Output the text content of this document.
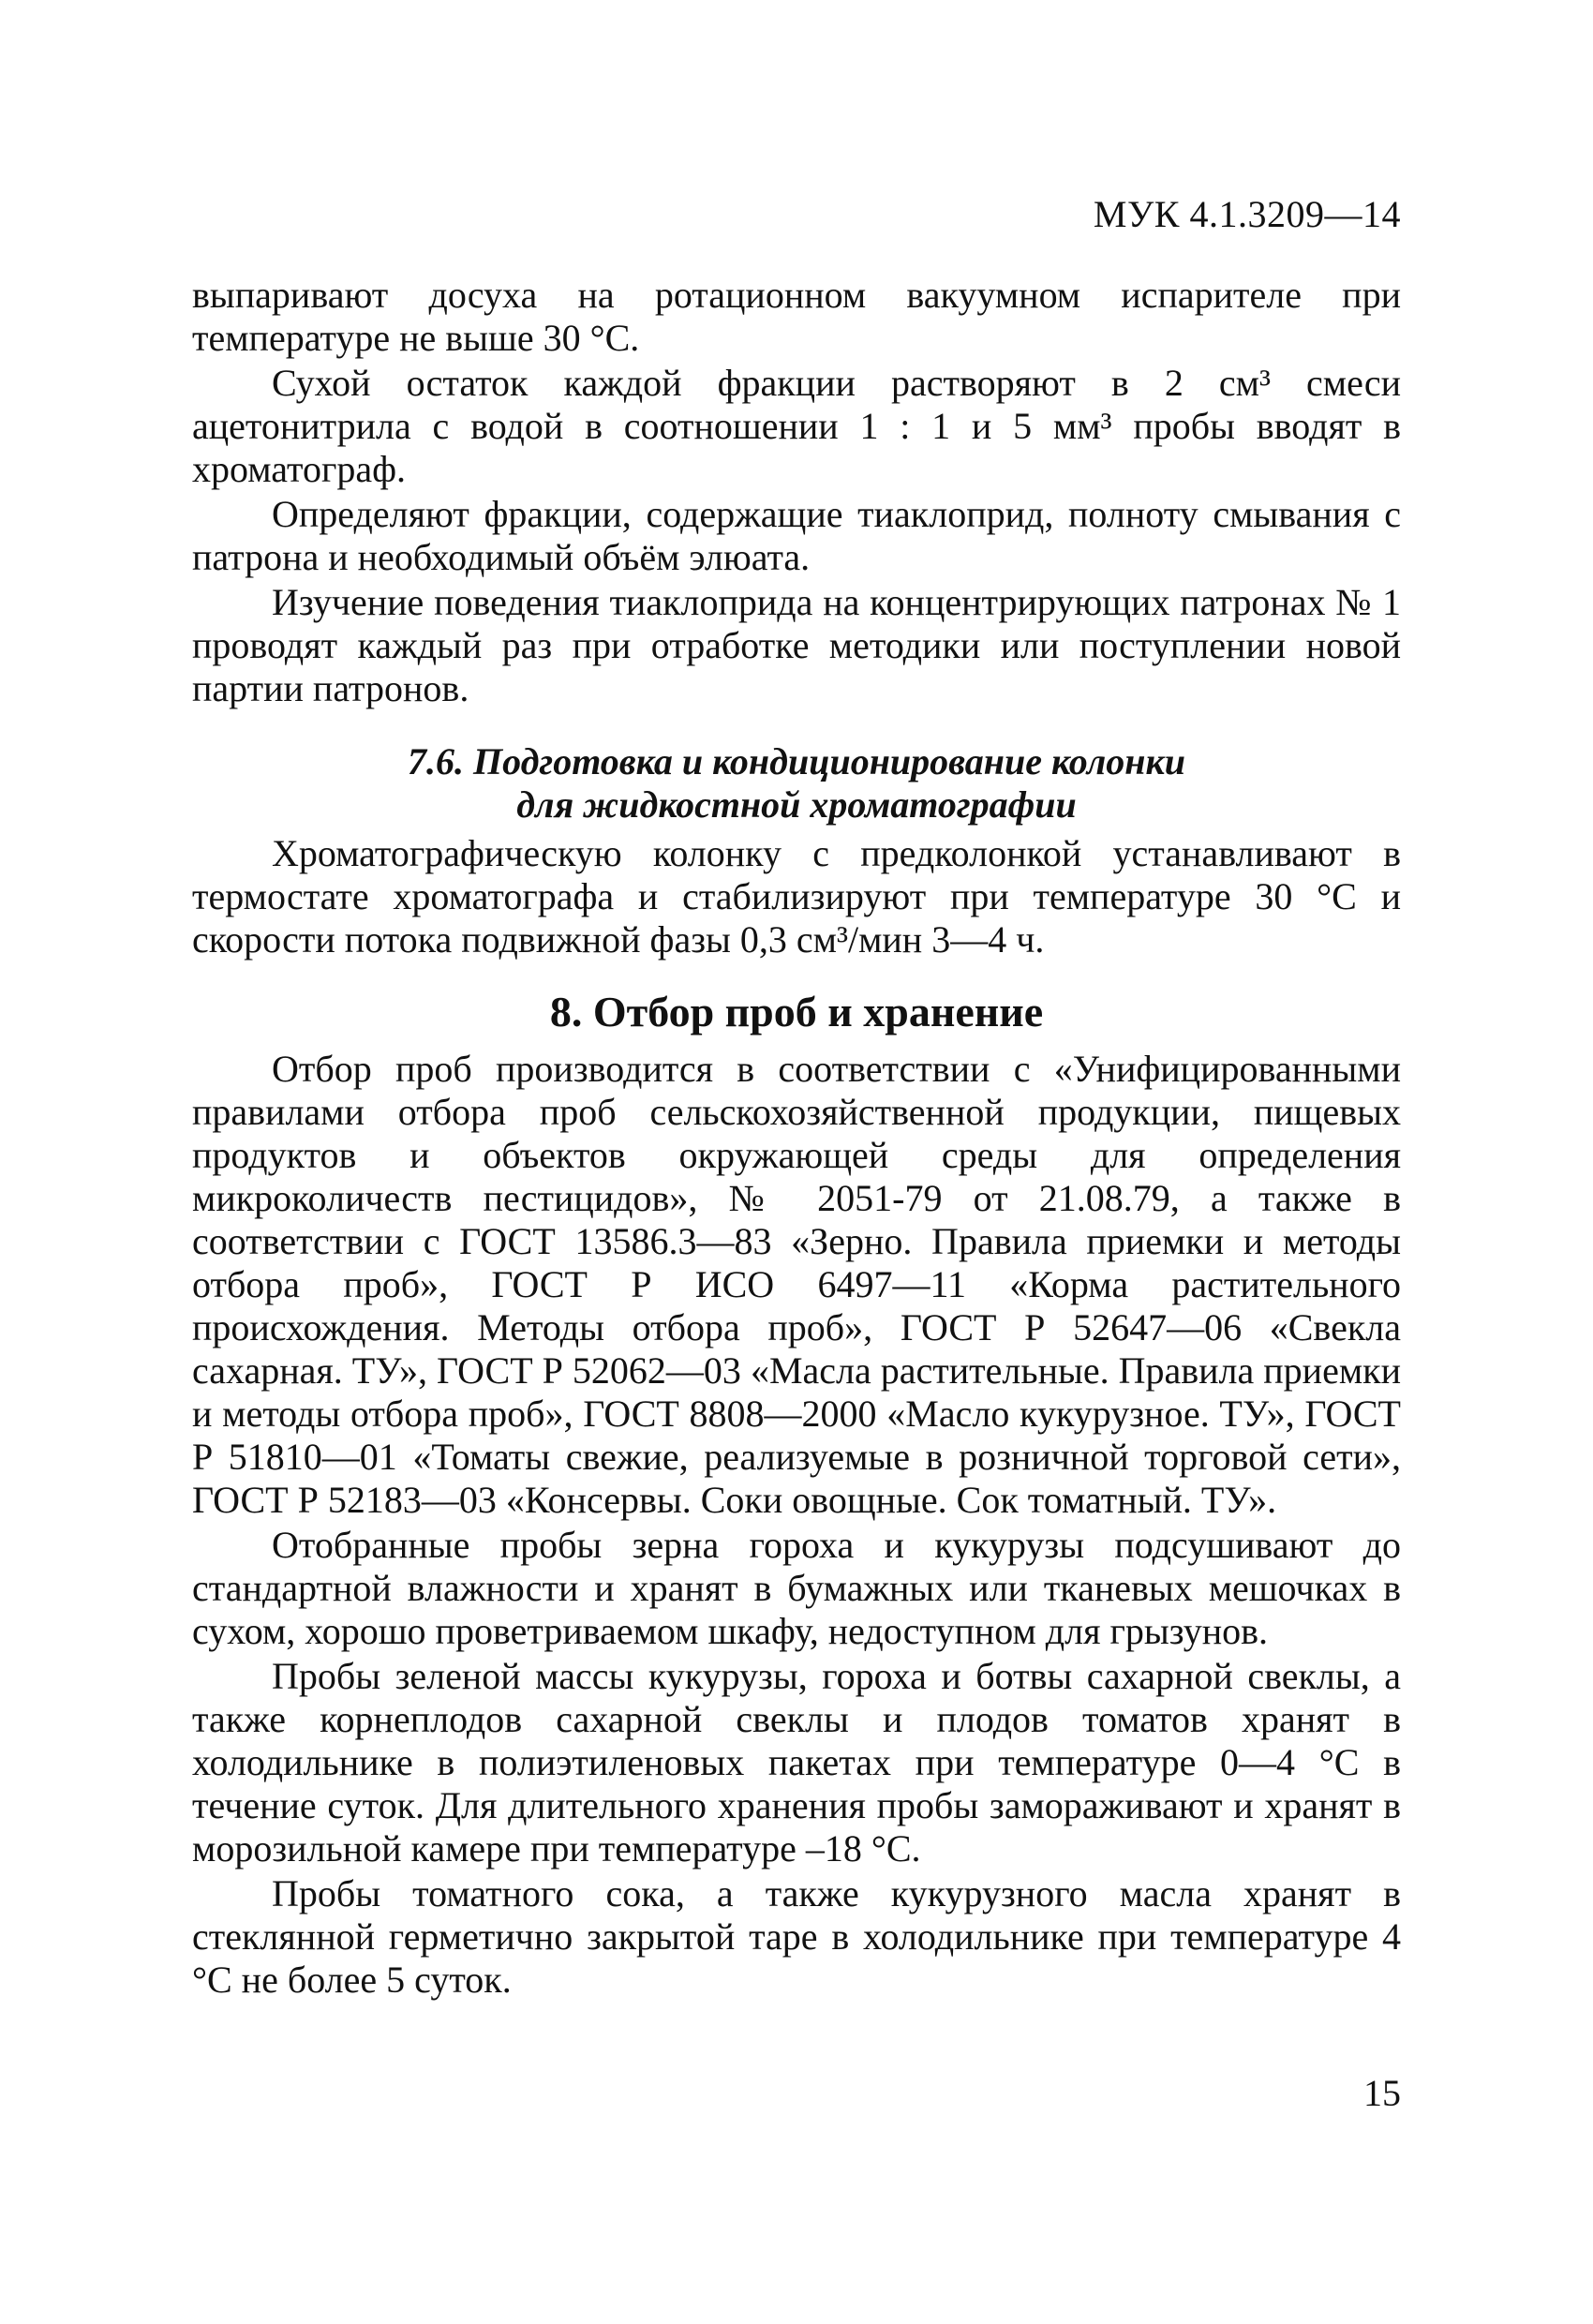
МУК 4.1.3209—14

выпаривают досуха на ротационном вакуумном испарителе при температуре не выше 30 °С.

Сухой остаток каждой фракции растворяют в 2 см³ смеси ацетонитрила с водой в соотношении 1 : 1 и 5 мм³ пробы вводят в хроматограф.

Определяют фракции, содержащие тиаклоприд, полноту смывания с патрона и необходимый объём элюата.

Изучение поведения тиаклоприда на концентрирующих патронах № 1 проводят каждый раз при отработке методики или поступлении новой партии патронов.

7.6. Подготовка и кондиционирование колонки
для жидкостной хроматографии

Хроматографическую колонку с предколонкой устанавливают в термостате хроматографа и стабилизируют при температуре 30 °С и скорости потока подвижной фазы 0,3 см³/мин 3—4 ч.

8. Отбор проб и хранение

Отбор проб производится в соответствии с «Унифицированными правилами отбора проб сельскохозяйственной продукции, пищевых продуктов и объектов окружающей среды для определения микроколичеств пестицидов», № 2051-79 от 21.08.79, а также в соответствии с ГОСТ 13586.3—83 «Зерно. Правила приемки и методы отбора проб», ГОСТ Р ИСО 6497—11 «Корма растительного происхождения. Методы отбора проб», ГОСТ Р 52647—06 «Свекла сахарная. ТУ», ГОСТ Р 52062—03 «Масла растительные. Правила приемки и методы отбора проб», ГОСТ 8808—2000 «Масло кукурузное. ТУ», ГОСТ Р 51810—01 «Томаты свежие, реализуемые в розничной торговой сети», ГОСТ Р 52183—03 «Консервы. Соки овощные. Сок томатный. ТУ».

Отобранные пробы зерна гороха и кукурузы подсушивают до стандартной влажности и хранят в бумажных или тканевых мешочках в сухом, хорошо проветриваемом шкафу, недоступном для грызунов.

Пробы зеленой массы кукурузы, гороха и ботвы сахарной свеклы, а также корнеплодов сахарной свеклы и плодов томатов хранят в холодильнике в полиэтиленовых пакетах при температуре 0—4 °С в течение суток. Для длительного хранения пробы замораживают и хранят в морозильной камере при температуре –18 °С.

Пробы томатного сока, а также кукурузного масла хранят в стеклянной герметично закрытой таре в холодильнике при температуре 4 °С не более 5 суток.

15
